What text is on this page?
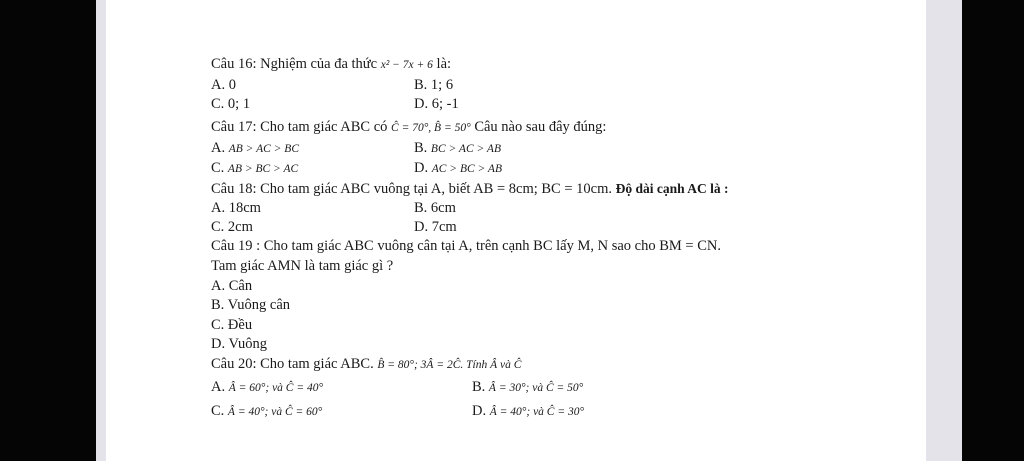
Câu 16: Nghiệm của đa thức x² − 7x + 6 là:
A. 0	B. 1; 6
C. 0; 1	D. 6; -1
Câu 17: Cho tam giác ABC có Ĉ = 70°, B̂ = 50° Câu nào sau đây đúng:
A. AB > AC > BC	B. BC > AC > AB
C. AB > BC > AC	D. AC > BC > AB
Câu 18: Cho tam giác ABC vuông tại A, biết AB = 8cm; BC = 10cm. Độ dài cạnh AC là :
A. 18cm	B. 6cm
C. 2cm	D. 7cm
Câu 19 : Cho tam giác ABC vuông cân tại A, trên cạnh BC lấy M, N sao cho BM = CN.
Tam giác AMN là tam giác gì ?
A. Cân
B. Vuông cân
C. Đều
D. Vuông
Câu 20: Cho tam giác ABC. B̂ = 80°; 3Â = 2Ĉ. Tính Â và Ĉ
A. Â = 60°; và Ĉ = 40°	B. Â = 30°; và Ĉ = 50°
C. Â = 40°; và Ĉ = 60°	D. Â = 40°; và Ĉ = 30°
